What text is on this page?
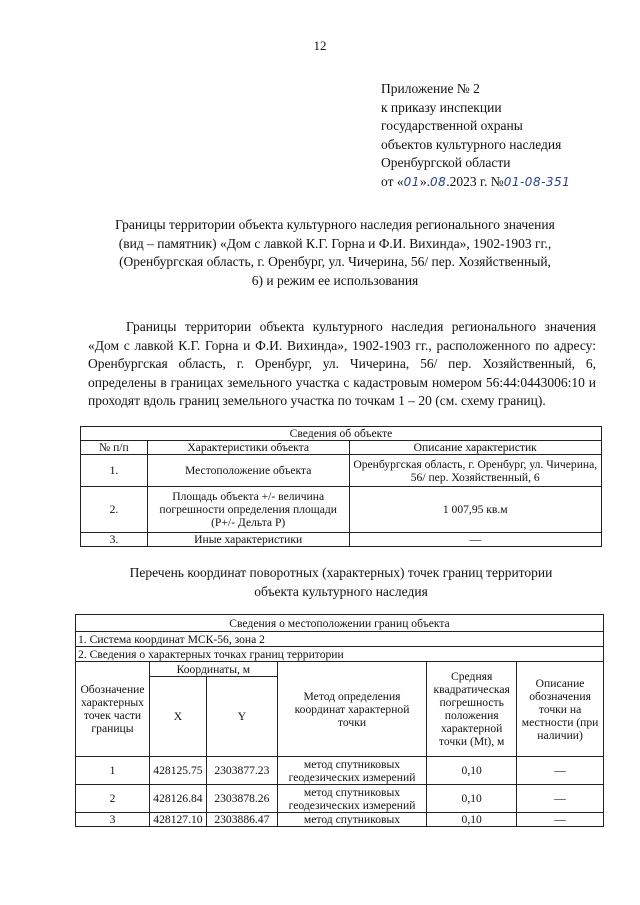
12
Приложение № 2
к приказу инспекции
государственной охраны
объектов культурного наследия
Оренбургской области
от «01».08.2023 г. №01-08-351
Границы территории объекта культурного наследия регионального значения
(вид – памятник) «Дом с лавкой К.Г. Горна и Ф.И. Вихинда», 1902-1903 гг.,
(Оренбургская область, г. Оренбург, ул. Чичерина, 56/ пер. Хозяйственный,
6) и режим ее использования

Границы территории объекта культурного наследия регионального значения «Дом с лавкой К.Г. Горна и Ф.И. Вихинда», 1902-1903 гг., расположенного по адресу: Оренбургская область, г. Оренбург, ул. Чичерина, 56/ пер. Хозяйственный, 6, определены в границах земельного участка с кадастровым номером 56:44:0443006:10 и проходят вдоль границ земельного участка по точкам 1 – 20 (см. схему границ).

Сведения об объекте		
№ п/п	Характеристики объекта	Описание характеристик
1.	Местоположение объекта	Оренбургская область, г. Оренбург, ул. Чичерина, 56/ пер. Хозяйственный, 6
2.	Площадь объекта +/- величина погрешности определения площади (Р+/- Дельта Р)	1 007,95 кв.м
3.	Иные характеристики	—
Перечень координат поворотных (характерных) точек границ территории
объекта культурного наследия
Сведения о местоположении границ объекта					
1. Система координат МСК-56, зона 2					
2. Сведения о характерных точках границ территории					
Обозначение характерных точек части границы	Координаты, м		Метод определения координат характерной точки	Средняя квадратическая погрешность положения характерной точки (Mt), м	Описание обозначения точки на местности (при наличии)
	X	Y			
1	428125.75	2303877.23	метод спутниковых геодезических измерений	0,10	—
2	428126.84	2303878.26	метод спутниковых геодезических измерений	0,10	—
3	428127.10	2303886.47	метод спутниковых	0,10	—
